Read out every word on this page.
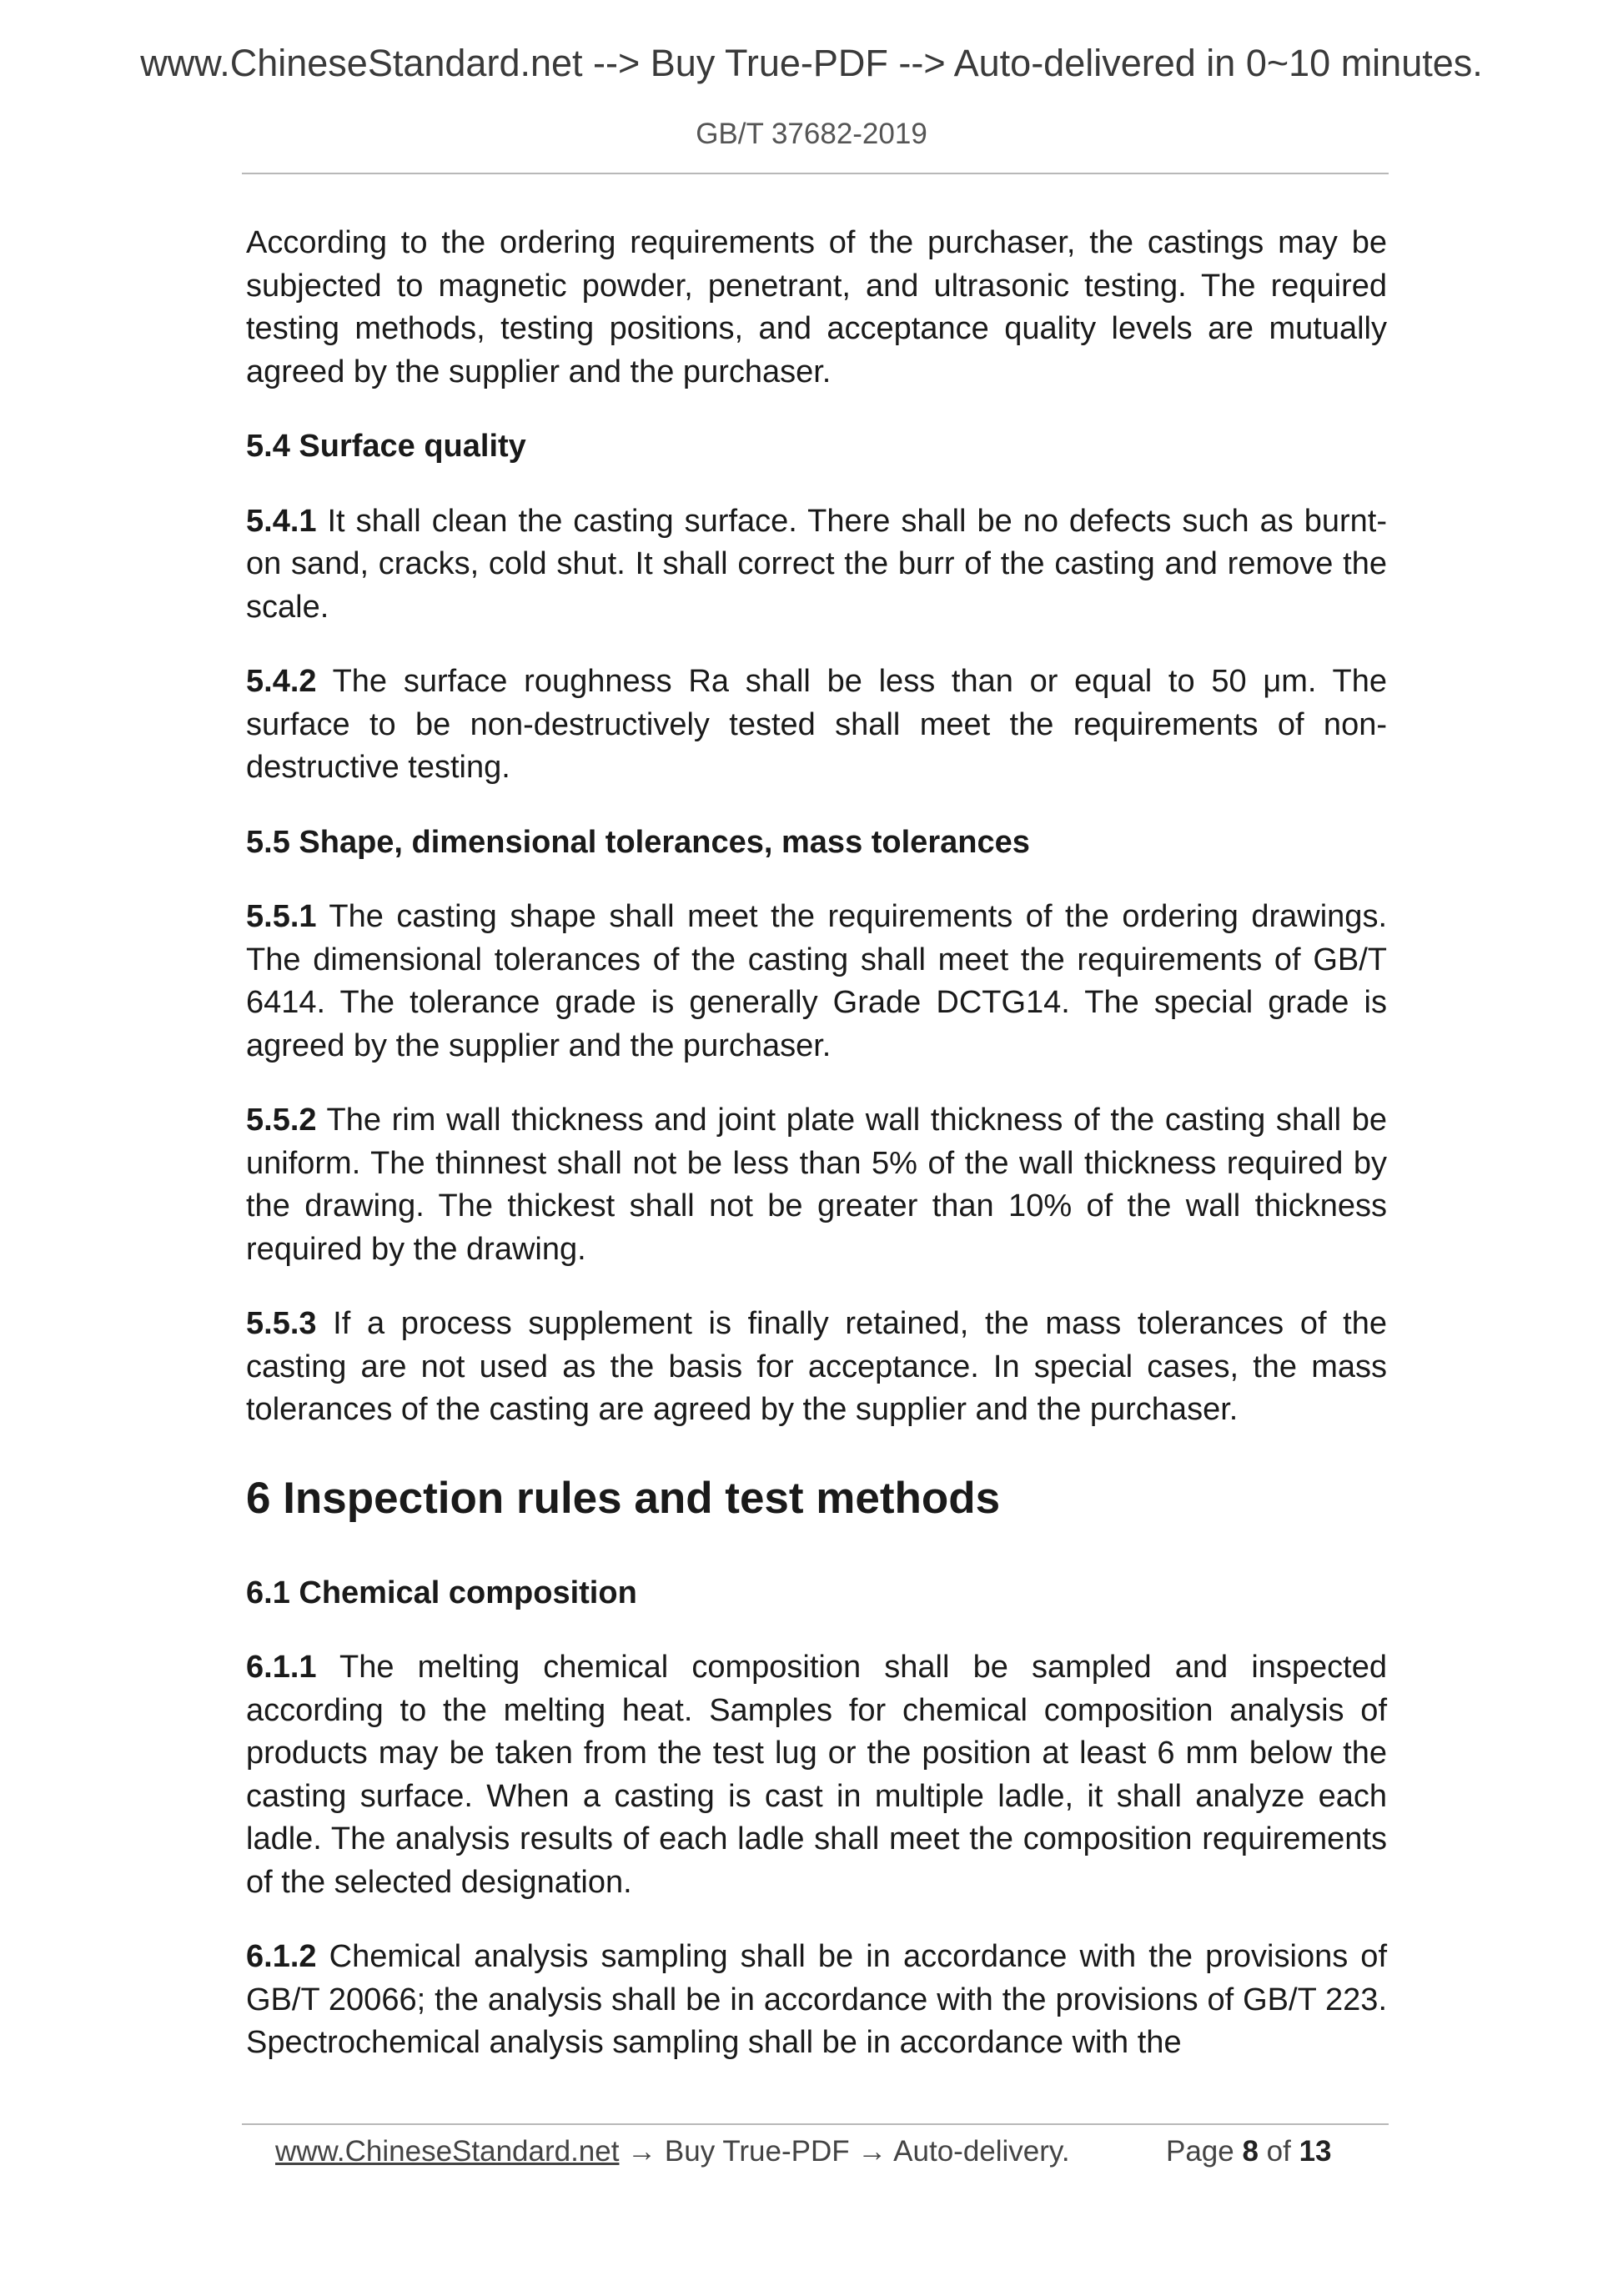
www.ChineseStandard.net --> Buy True-PDF --> Auto-delivered in 0~10 minutes.
GB/T 37682-2019

According to the ordering requirements of the purchaser, the castings may be subjected to magnetic powder, penetrant, and ultrasonic testing. The required testing methods, testing positions, and acceptance quality levels are mutually agreed by the supplier and the purchaser.

5.4 Surface quality

5.4.1 It shall clean the casting surface. There shall be no defects such as burnt-on sand, cracks, cold shut. It shall correct the burr of the casting and remove the scale.

5.4.2 The surface roughness Ra shall be less than or equal to 50 μm. The surface to be non-destructively tested shall meet the requirements of non-destructive testing.

5.5 Shape, dimensional tolerances, mass tolerances

5.5.1 The casting shape shall meet the requirements of the ordering drawings. The dimensional tolerances of the casting shall meet the requirements of GB/T 6414. The tolerance grade is generally Grade DCTG14. The special grade is agreed by the supplier and the purchaser.

5.5.2 The rim wall thickness and joint plate wall thickness of the casting shall be uniform. The thinnest shall not be less than 5% of the wall thickness required by the drawing. The thickest shall not be greater than 10% of the wall thickness required by the drawing.

5.5.3 If a process supplement is finally retained, the mass tolerances of the casting are not used as the basis for acceptance. In special cases, the mass tolerances of the casting are agreed by the supplier and the purchaser.

6 Inspection rules and test methods
6.1 Chemical composition

6.1.1 The melting chemical composition shall be sampled and inspected according to the melting heat. Samples for chemical composition analysis of products may be taken from the test lug or the position at least 6 mm below the casting surface. When a casting is cast in multiple ladle, it shall analyze each ladle. The analysis results of each ladle shall meet the composition requirements of the selected designation.

6.1.2 Chemical analysis sampling shall be in accordance with the provisions of GB/T 20066; the analysis shall be in accordance with the provisions of GB/T 223. Spectrochemical analysis sampling shall be in accordance with the

www.ChineseStandard.net → Buy True-PDF → Auto-delivery.	Page 8 of 13
